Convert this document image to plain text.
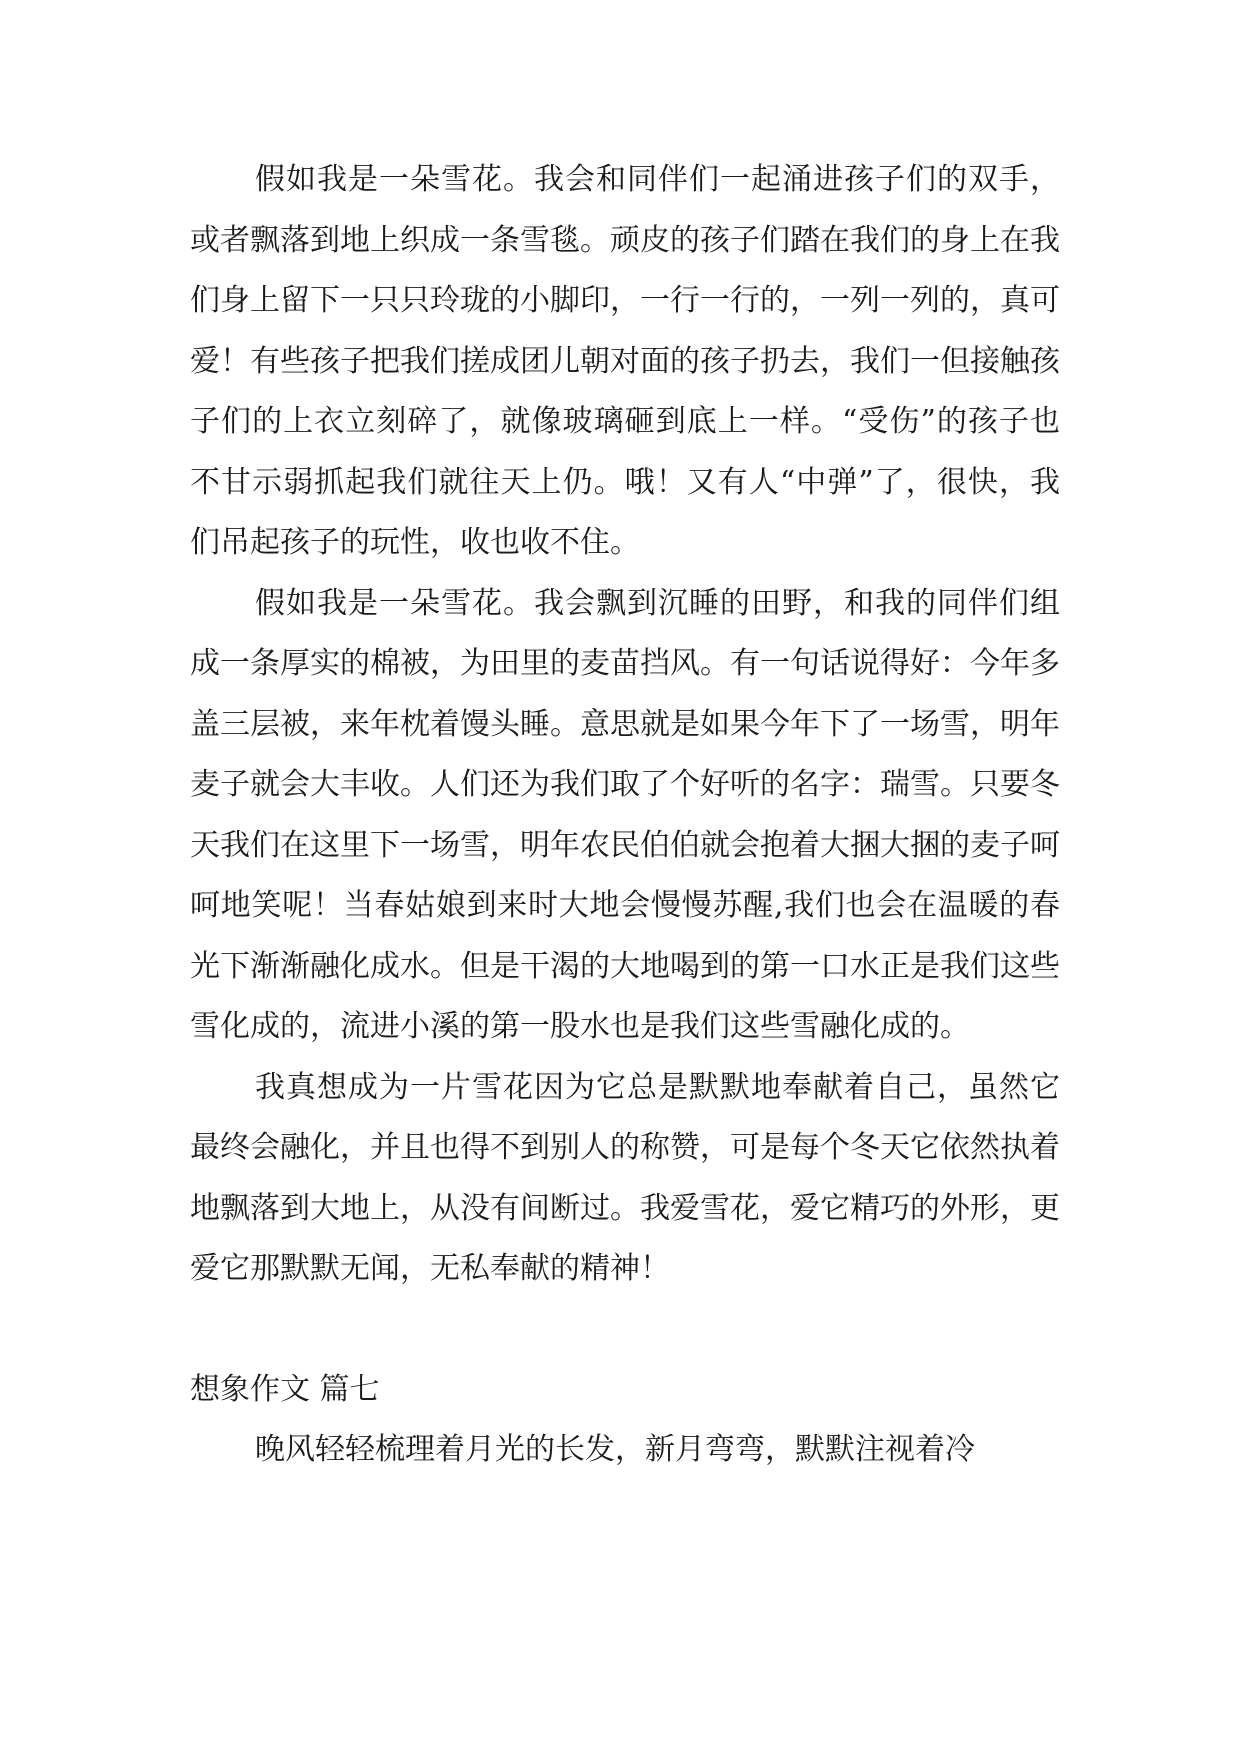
假如我是一朵雪花。我会和同伴们一起涌进孩子们的双手，或者飘落到地上织成一条雪毯。顽皮的孩子们踏在我们的身上在我们身上留下一只只玲珑的小脚印，一行一行的，一列一列的，真可爱！有些孩子把我们搓成团儿朝对面的孩子扔去，我们一但接触孩子们的上衣立刻碎了，就像玻璃砸到底上一样。“受伤”的孩子也不甘示弱抓起我们就往天上仍。哦！又有人“中弹”了，很快，我们吊起孩子的玩性，收也收不住。

假如我是一朵雪花。我会飘到沉睡的田野，和我的同伴们组成一条厚实的棉被，为田里的麦苗挡风。有一句话说得好：今年多盖三层被，来年枕着馒头睡。意思就是如果今年下了一场雪，明年麦子就会大丰收。人们还为我们取了个好听的名字：瑞雪。只要冬天我们在这里下一场雪，明年农民伯伯就会抱着大捆大捆的麦子呵呵地笑呢！当春姑娘到来时大地会慢慢苏醒,我们也会在温暖的春光下渐渐融化成水。但是干渴的大地喝到的第一口水正是我们这些雪化成的，流进小溪的第一股水也是我们这些雪融化成的。

我真想成为一片雪花因为它总是默默地奉献着自己，虽然它最终会融化，并且也得不到别人的称赞，可是每个冬天它依然执着地飘落到大地上，从没有间断过。我爱雪花，爱它精巧的外形，更爱它那默默无闻，无私奉献的精神！

想象作文 篇七

晚风轻轻梳理着月光的长发，新月弯弯，默默注视着冷
